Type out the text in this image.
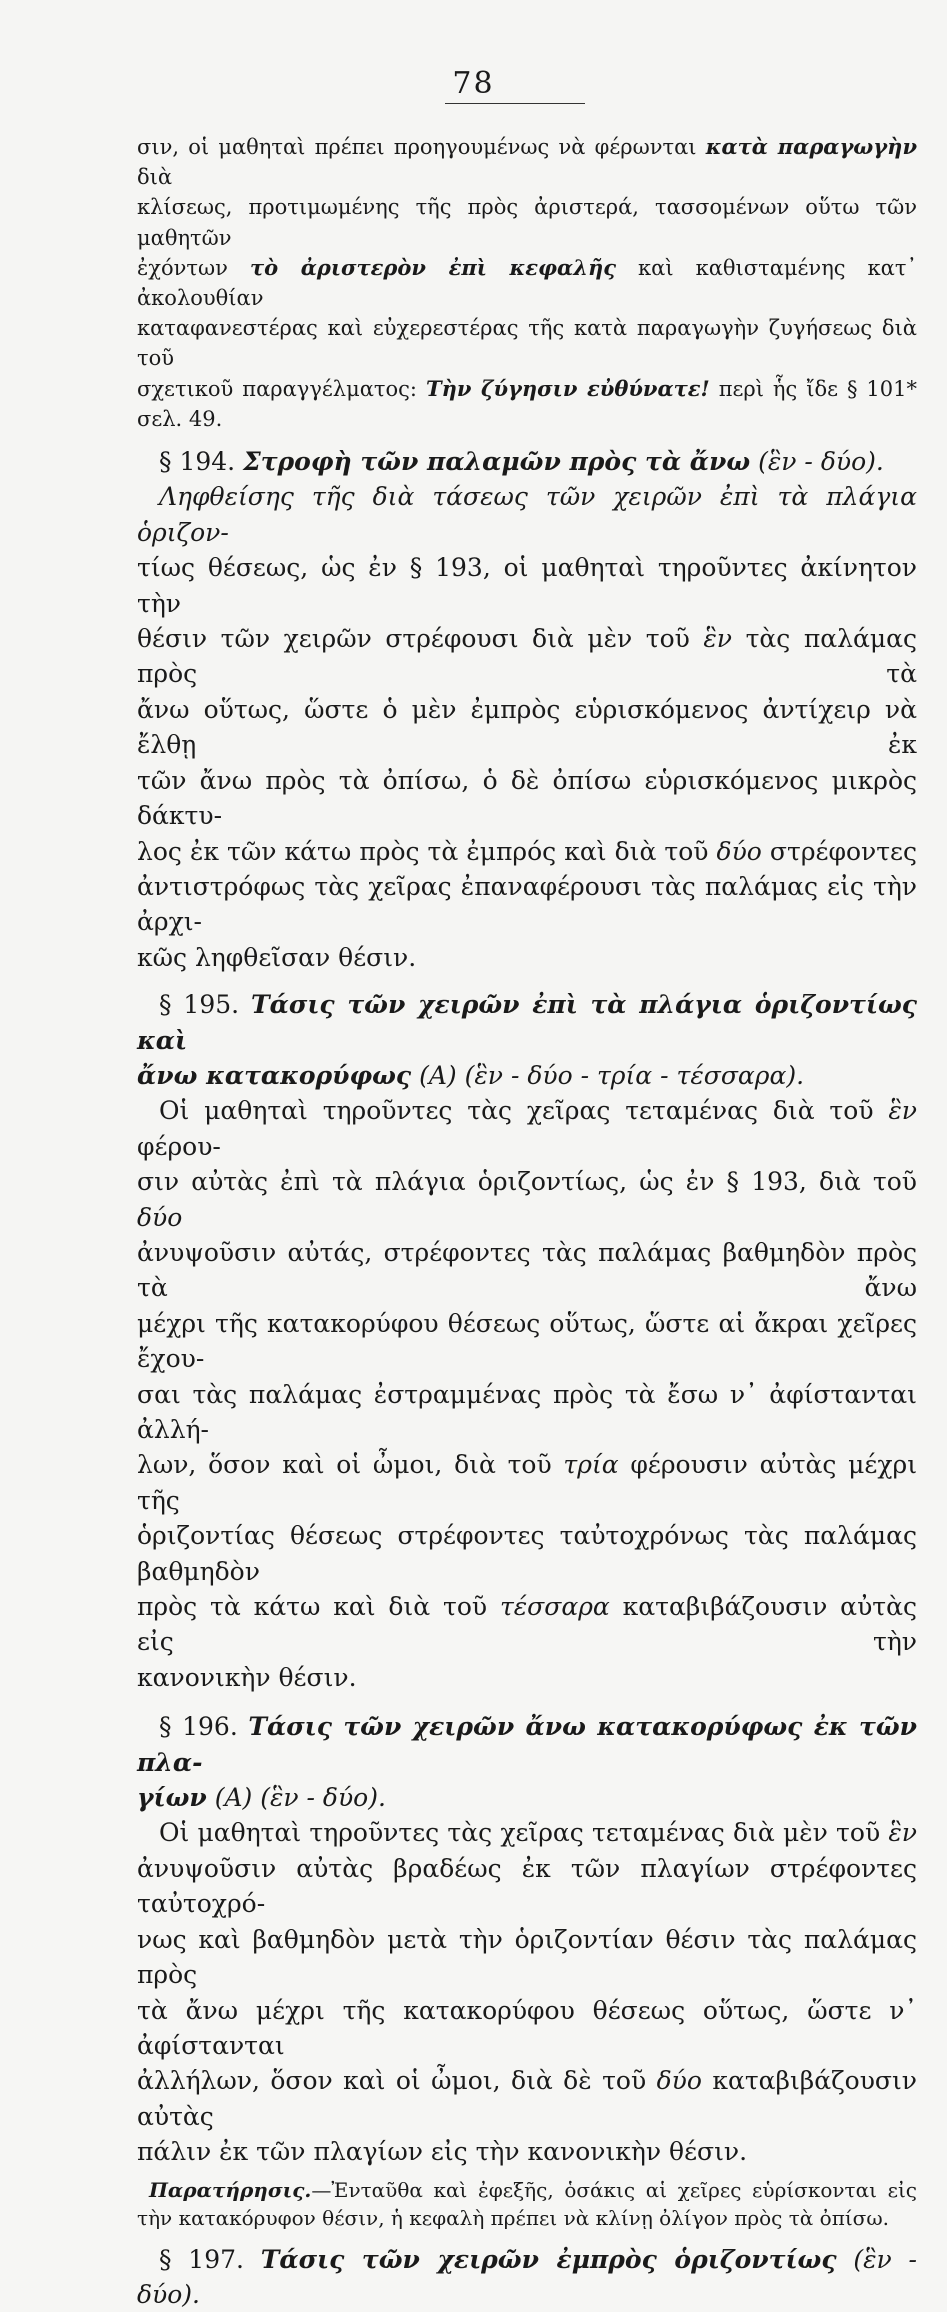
78

σιν, οἱ μαθηταὶ πρέπει προηγουμένως νὰ φέρωνται κατὰ παραγωγὴν διὰ

κλίσεως, προτιμωμένης τῆς πρὸς ἀριστερά, τασσομένων οὕτω τῶν μαθητῶν

ἐχόντων τὸ ἀριστερὸν ἐπὶ κεφαλῆς καὶ καθισταμένης κατ᾽ ἀκολουθίαν

καταφανεστέρας καὶ εὐχερεστέρας τῆς κατὰ παραγωγὴν ζυγήσεως διὰ τοῦ

σχετικοῦ παραγγέλματος: Τὴν ζύγησιν εὐθύνατε! περὶ ἧς ἴδε § 101* σελ. 49.

§ 194. Στροφὴ τῶν παλαμῶν πρὸς τὰ ἄνω (ἓν - δύο).

Ληφθείσης τῆς διὰ τάσεως τῶν χειρῶν ἐπὶ τὰ πλάγια ὁριζον-

τίως θέσεως, ὡς ἐν § 193, οἱ μαθηταὶ τηροῦντες ἀκίνητον τὴν

θέσιν τῶν χειρῶν στρέφουσι διὰ μὲν τοῦ ἓν τὰς παλάμας πρὸς τὰ

ἄνω οὕτως, ὥστε ὁ μὲν ἐμπρὸς εὑρισκόμενος ἀντίχειρ νὰ ἔλθῃ ἐκ

τῶν ἄνω πρὸς τὰ ὀπίσω, ὁ δὲ ὀπίσω εὑρισκόμενος μικρὸς δάκτυ-

λος ἐκ τῶν κάτω πρὸς τὰ ἐμπρός καὶ διὰ τοῦ δύο στρέφοντες

ἀντιστρόφως τὰς χεῖρας ἐπαναφέρουσι τὰς παλάμας εἰς τὴν ἀρχι-

κῶς ληφθεῖσαν θέσιν.

§ 195. Τάσις τῶν χειρῶν ἐπὶ τὰ πλάγια ὁριζοντίως καὶ

ἄνω κατακορύφως (Α) (ἓν - δύο - τρία - τέσσαρα).

Οἱ μαθηταὶ τηροῦντες τὰς χεῖρας τεταμένας διὰ τοῦ ἓν φέρου-

σιν αὐτὰς ἐπὶ τὰ πλάγια ὁριζοντίως, ὡς ἐν § 193, διὰ τοῦ δύο

ἀνυψοῦσιν αὐτάς, στρέφοντες τὰς παλάμας βαθμηδὸν πρὸς τὰ ἄνω

μέχρι τῆς κατακορύφου θέσεως οὕτως, ὥστε αἱ ἄκραι χεῖρες ἔχου-

σαι τὰς παλάμας ἐστραμμένας πρὸς τὰ ἔσω ν᾽ ἀφίστανται ἀλλή-

λων, ὅσον καὶ οἱ ὦμοι, διὰ τοῦ τρία φέρουσιν αὐτὰς μέχρι τῆς

ὁριζοντίας θέσεως στρέφοντες ταὐτοχρόνως τὰς παλάμας βαθμηδὸν

πρὸς τὰ κάτω καὶ διὰ τοῦ τέσσαρα καταβιβάζουσιν αὐτὰς εἰς τὴν

κανονικὴν θέσιν.

§ 196. Τάσις τῶν χειρῶν ἄνω κατακορύφως ἐκ τῶν πλα-

γίων (Α) (ἓν - δύο).

Οἱ μαθηταὶ τηροῦντες τὰς χεῖρας τεταμένας διὰ μὲν τοῦ ἓν

ἀνυψοῦσιν αὐτὰς βραδέως ἐκ τῶν πλαγίων στρέφοντες ταὐτοχρό-

νως καὶ βαθμηδὸν μετὰ τὴν ὁριζοντίαν θέσιν τὰς παλάμας πρὸς

τὰ ἄνω μέχρι τῆς κατακορύφου θέσεως οὕτως, ὥστε ν᾽ ἀφίστανται

ἀλλήλων, ὅσον καὶ οἱ ὦμοι, διὰ δὲ τοῦ δύο καταβιβάζουσιν αὐτὰς

πάλιν ἐκ τῶν πλαγίων εἰς τὴν κανονικὴν θέσιν.

Παρατήρησις.—Ἐνταῦθα καὶ ἐφεξῆς, ὁσάκις αἱ χεῖρες εὑρίσκονται εἰς

τὴν κατακόρυφον θέσιν, ἡ κεφαλὴ πρέπει νὰ κλίνῃ ὀλίγον πρὸς τὰ ὀπίσω.

§ 197. Τάσις τῶν χειρῶν ἐμπρὸς ὁριζοντίως (ἓν - δύο).
